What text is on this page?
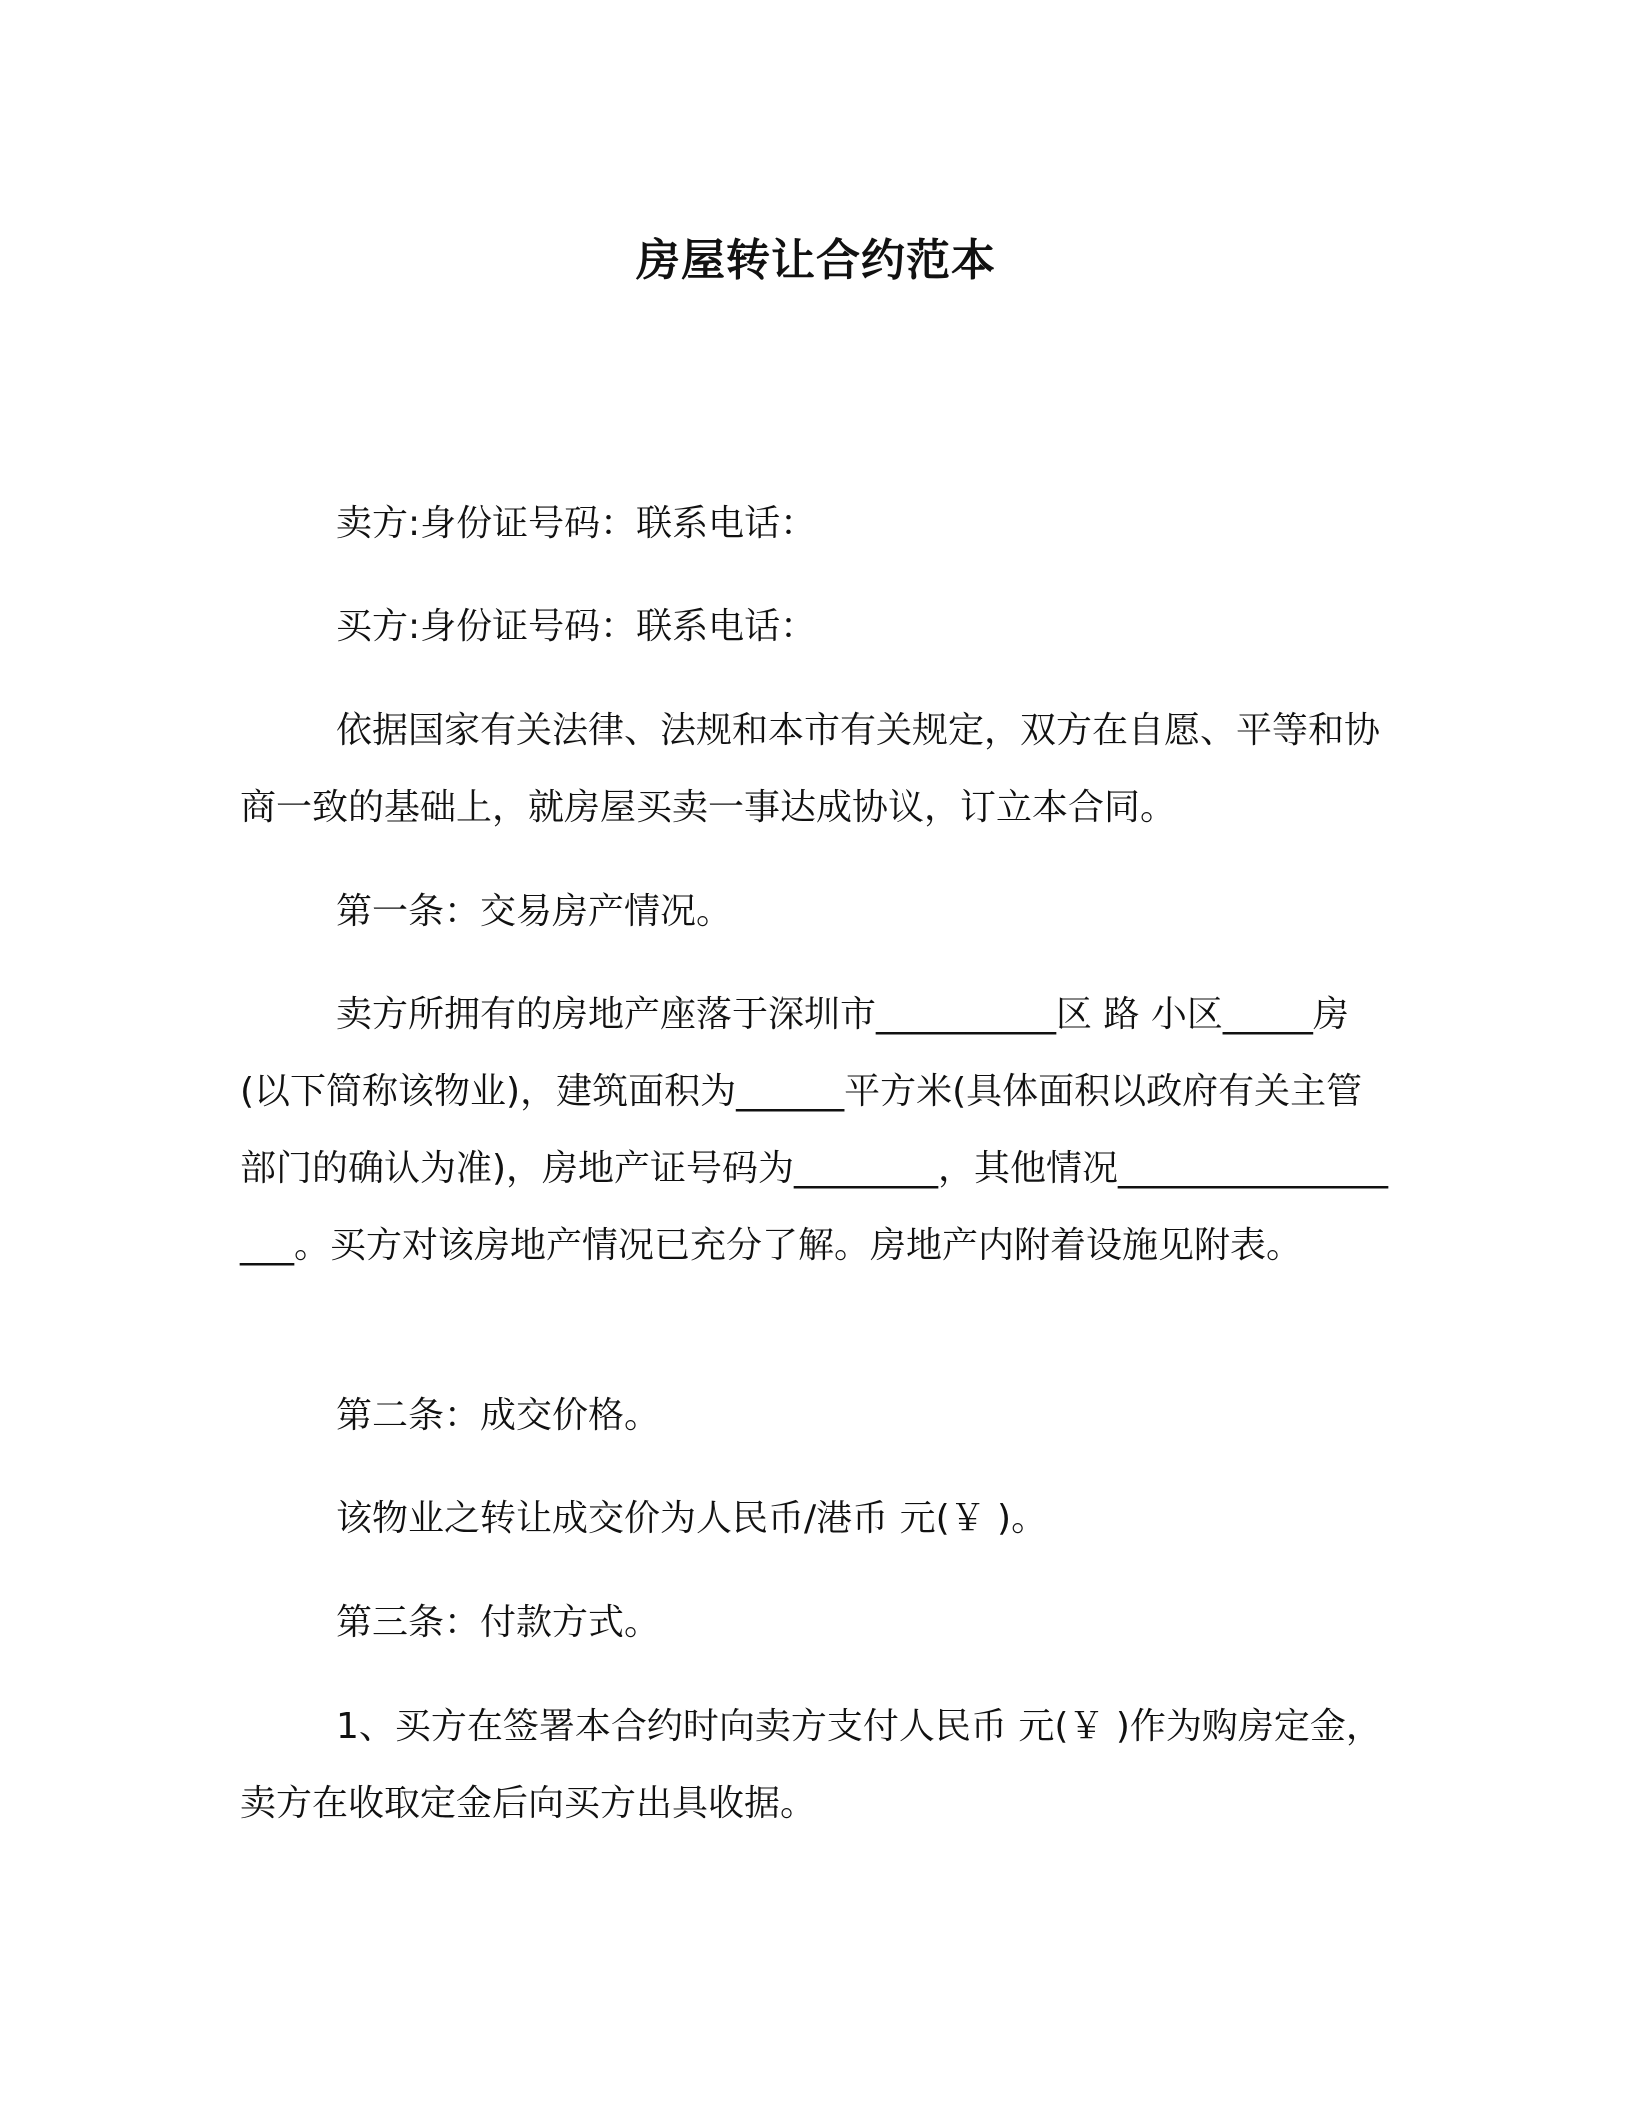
房屋转让合约范本

卖方:身份证号码：联系电话：

买方:身份证号码：联系电话：

依据国家有关法律、法规和本市有关规定，双方在自愿、平等和协商一致的基础上，就房屋买卖一事达成协议，订立本合同。

第一条：交易房产情况。

卖方所拥有的房地产座落于深圳市__________区 路 小区_____房(以下简称该物业)，建筑面积为______平方米(具体面积以政府有关主管部门的确认为准)，房地产证号码为________，其他情况__________________。买方对该房地产情况已充分了解。房地产内附着设施见附表。

第二条：成交价格。

该物业之转让成交价为人民币/港币 元(￥ )。

第三条：付款方式。

1、买方在签署本合约时向卖方支付人民币 元(￥ )作为购房定金，卖方在收取定金后向买方出具收据。
